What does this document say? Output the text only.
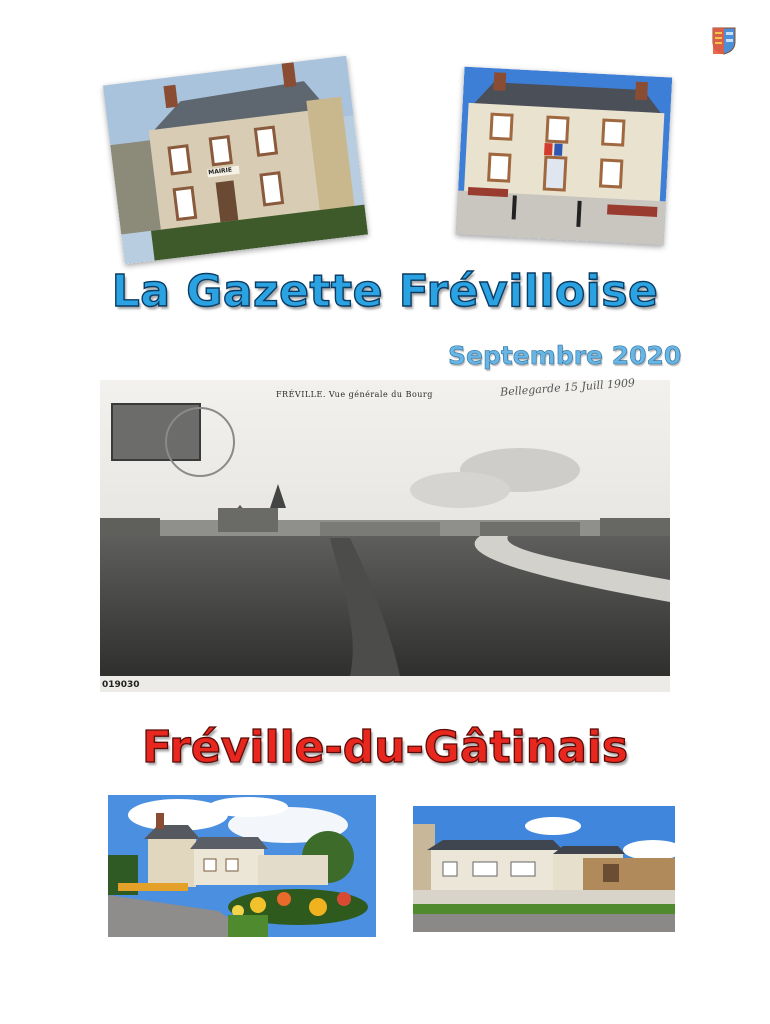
MAIRIE
La Gazette Frévilloise
Septembre 2020
FRÉVILLE. Vue générale du Bourg	Bellegarde 15 Juill 1909
019030
Fréville-du-Gâtinais
